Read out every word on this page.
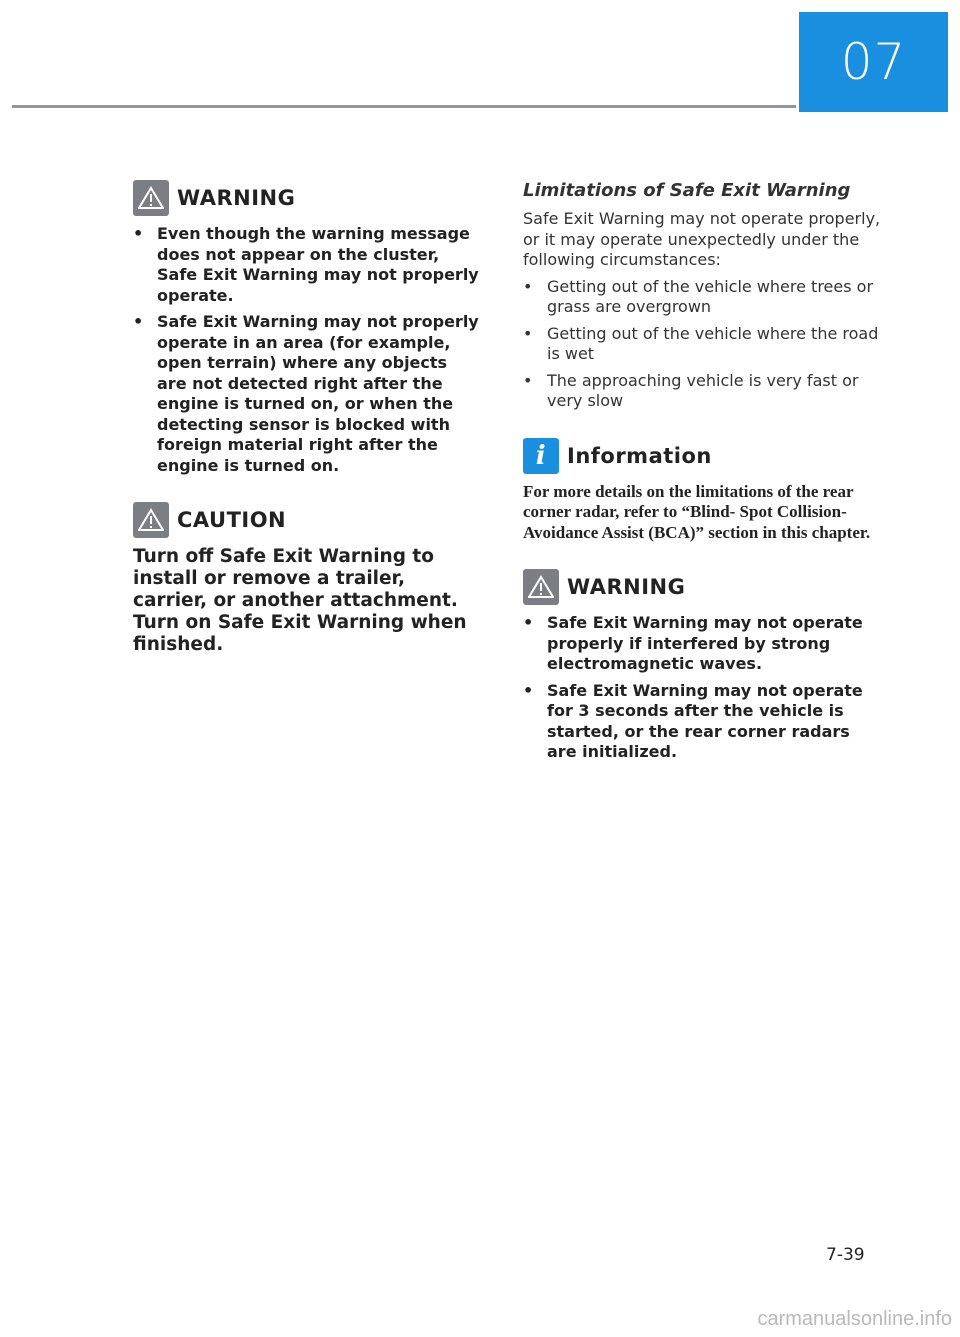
07
WARNING
• Even though the warning message does not appear on the cluster, Safe Exit Warning may not properly operate.
• Safe Exit Warning may not properly operate in an area (for example, open terrain) where any objects are not detected right after the engine is turned on, or when the detecting sensor is blocked with foreign material right after the engine is turned on.
CAUTION
Turn off Safe Exit Warning to install or remove a trailer, carrier, or another attachment. Turn on Safe Exit Warning when finished.
Limitations of Safe Exit Warning

Safe Exit Warning may not operate properly, or it may operate unexpectedly under the following circumstances:

• Getting out of the vehicle where trees or grass are overgrown
• Getting out of the vehicle where the road is wet
• The approaching vehicle is very fast or very slow
i Information
For more details on the limitations of the rear corner radar, refer to “Blind- Spot Collision-Avoidance Assist (BCA)” section in this chapter.
WARNING
• Safe Exit Warning may not operate properly if interfered by strong electromagnetic waves.
• Safe Exit Warning may not operate for 3 seconds after the vehicle is started, or the rear corner radars are initialized.
7-39
carmanualsonline.info
